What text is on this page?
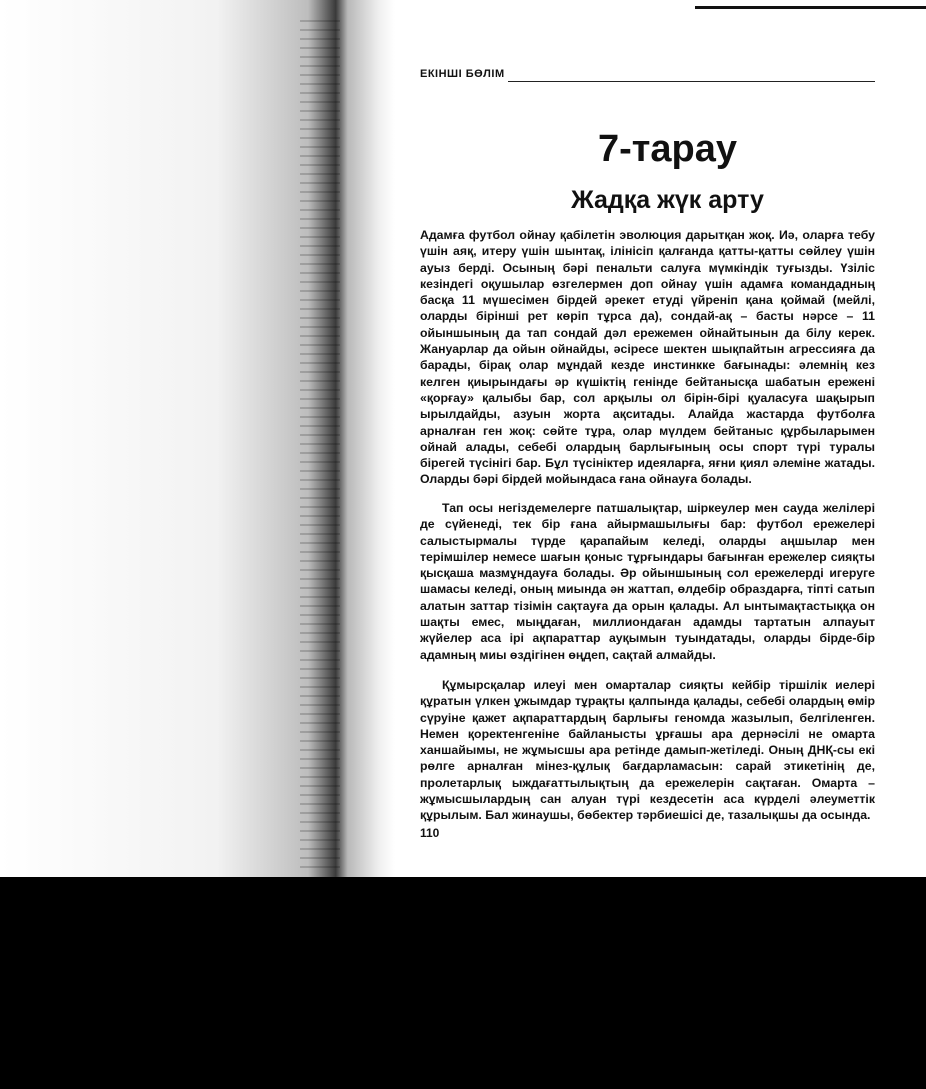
ЕКІНШІ БӨЛІМ
7-тарау
Жадқа жүк арту

Адамға футбол ойнау қабілетін эволюция дарытқан жоқ. Иә, оларға тебу үшін аяқ, итеру үшін шынтақ, ілінісіп қалғанда қатты-қатты сөйлеу үшін ауыз берді. Осының бәрі пенальти салуға мүмкіндік туғызды. Үзіліс кезіндегі оқушылар өзгелермен доп ойнау үшін адамға командадның басқа 11 мүшесімен бірдей әрекет етуді үйреніп қана қоймай (мейлі, оларды бірінші рет көріп тұрса да), сондай-ақ – басты нәрсе – 11 ойыншының да тап сондай дәл ережемен ойнайтынын да білу керек. Жануарлар да ойын ойнайды, әсіресе шектен шықпайтын агрессияға да барады, бірақ олар мұндай кезде инстинкке бағынады: әлемнің кез келген қиырындағы әр күшіктің генінде бейтанысқа шабатын ережені «қорғау» қалыбы бар, сол арқылы ол бірін-бірі қуаласуға шақырып ырылдайды, азуын жорта ақситады. Алайда жастарда футболға арналған ген жоқ: сөйте тұра, олар мүлдем бейтаныс құрбыларымен ойнай алады, себебі олардың барлығының осы спорт түрі туралы бірегей түсінігі бар. Бұл түсініктер идеяларға, яғни қиял әлеміне жатады. Оларды бәрі бірдей мойындаса ғана ойнауға болады.

Тап осы негіздемелерге патшалықтар, шіркеулер мен сауда желілері де сүйенеді, тек бір ғана айырмашылығы бар: футбол ережелері салыстырмалы түрде қарапайым келеді, оларды аңшылар мен терімшілер немесе шағын қоныс тұрғындары бағынған ережелер сияқты қысқаша мазмұндауға болады. Әр ойыншының сол ережелерді игеруге шамасы келеді, оның миында ән жаттап, өлдебір образдарға, тіпті сатып алатын заттар тізімін сақтауға да орын қалады. Ал ынтымақтастыққа он шақты емес, мыңдаған, миллиондаған адамды тартатын алпауыт жүйелер аса ірі ақпараттар ауқымын туындатады, оларды бірде-бір адамның миы өздігінен өңдеп, сақтай алмайды.

Құмырсқалар илеуі мен омарталар сияқты кейбір тіршілік иелері құратын үлкен ұжымдар тұрақты қалпында қалады, себебі олардың өмір сүруіне қажет ақпараттардың барлығы геномда жазылып, белгіленген. Немен қоректенгеніне байланысты ұрғашы ара дернәсілі не омарта ханшайымы, не жұмысшы ара ретінде дамып-жетіледі. Оның ДНҚ-сы екі рөлге арналған мінез-құлық бағдарламасын: сарай этикетінің де, пролетарлық ыждағаттылықтың да ережелерін сақтаған. Омарта – жұмысшылардың сан алуан түрі кездесетін аса күрделі әлеуметтік құрылым. Бал жинаушы, бөбектер тәрбиешісі де, тазалықшы да осында.

110
